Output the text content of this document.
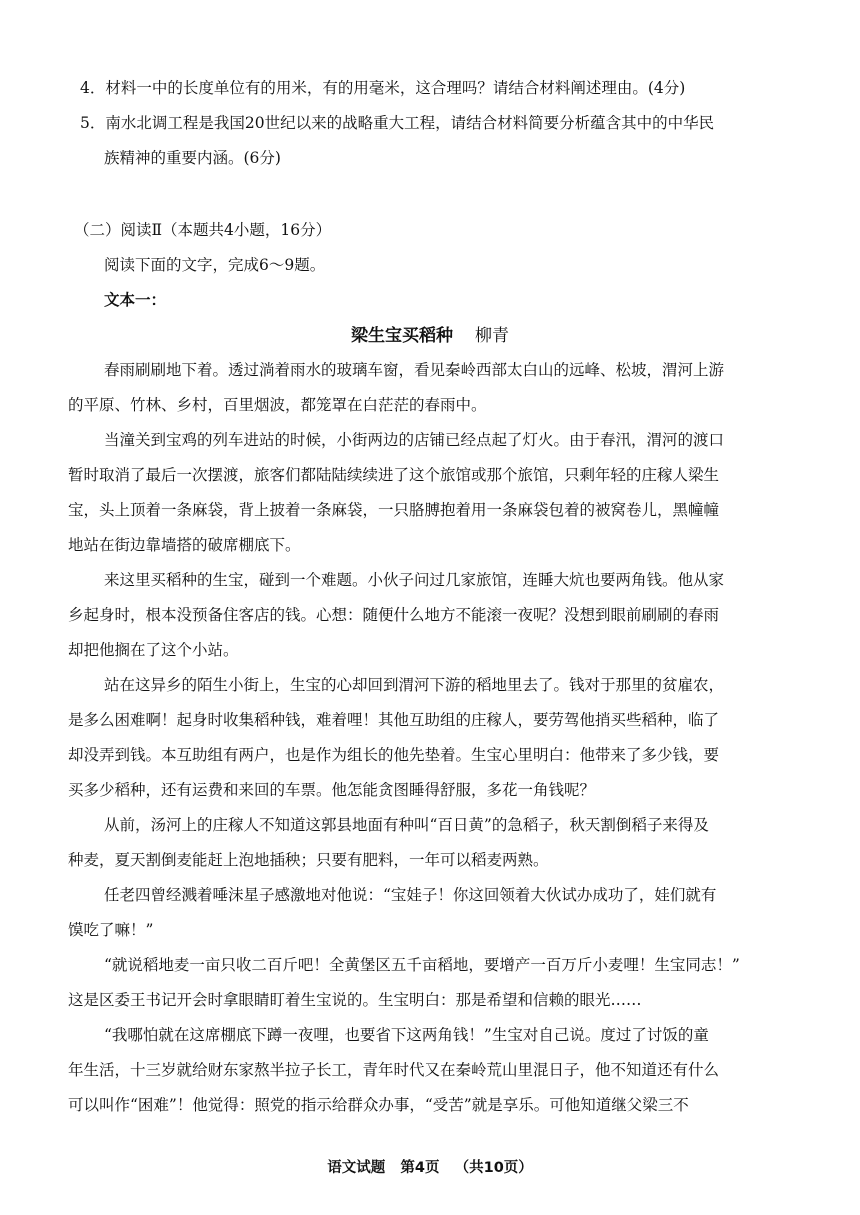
4．材料一中的长度单位有的用米，有的用毫米，这合理吗？请结合材料阐述理由。(4分)
5．南水北调工程是我国20世纪以来的战略重大工程，请结合材料简要分析蕴含其中的中华民
族精神的重要内涵。(6分)
（二）阅读Ⅱ（本题共4小题，16分）
阅读下面的文字，完成6～9题。
文本一：
梁生宝买稻种 柳青
春雨刷刷地下着。透过淌着雨水的玻璃车窗，看见秦岭西部太白山的远峰、松坡，渭河上游
的平原、竹林、乡村，百里烟波，都笼罩在白茫茫的春雨中。
当潼关到宝鸡的列车进站的时候，小街两边的店铺已经点起了灯火。由于春汛，渭河的渡口
暂时取消了最后一次摆渡，旅客们都陆陆续续进了这个旅馆或那个旅馆，只剩年轻的庄稼人梁生
宝，头上顶着一条麻袋，背上披着一条麻袋，一只胳膊抱着用一条麻袋包着的被窝卷儿，黑幢幢
地站在街边靠墙搭的破席棚底下。
来这里买稻种的生宝，碰到一个难题。小伙子问过几家旅馆，连睡大炕也要两角钱。他从家
乡起身时，根本没预备住客店的钱。心想：随便什么地方不能滚一夜呢？没想到眼前刷刷的春雨
却把他搁在了这个小站。
站在这异乡的陌生小街上，生宝的心却回到渭河下游的稻地里去了。钱对于那里的贫雇农，
是多么困难啊！起身时收集稻种钱，难着哩！其他互助组的庄稼人，要劳驾他捎买些稻种，临了
却没弄到钱。本互助组有两户，也是作为组长的他先垫着。生宝心里明白：他带来了多少钱，要
买多少稻种，还有运费和来回的车票。他怎能贪图睡得舒服，多花一角钱呢？
从前，汤河上的庄稼人不知道这郭县地面有种叫“百日黄”的急稻子，秋天割倒稻子来得及
种麦，夏天割倒麦能赶上泡地插秧；只要有肥料，一年可以稻麦两熟。
任老四曾经溅着唾沫星子感激地对他说：“宝娃子！你这回领着大伙试办成功了，娃们就有
馍吃了嘛！”
“就说稻地麦一亩只收二百斤吧！全黄堡区五千亩稻地，要增产一百万斤小麦哩！生宝同志！”
这是区委王书记开会时拿眼睛盯着生宝说的。生宝明白：那是希望和信赖的眼光……
“我哪怕就在这席棚底下蹲一夜哩，也要省下这两角钱！”生宝对自己说。度过了讨饭的童
年生活，十三岁就给财东家熬半拉子长工，青年时代又在秦岭荒山里混日子，他不知道还有什么
可以叫作“困难”！他觉得：照党的指示给群众办事，“受苦”就是享乐。可他知道继父梁三不
语文试题 第4页 （共10页）
